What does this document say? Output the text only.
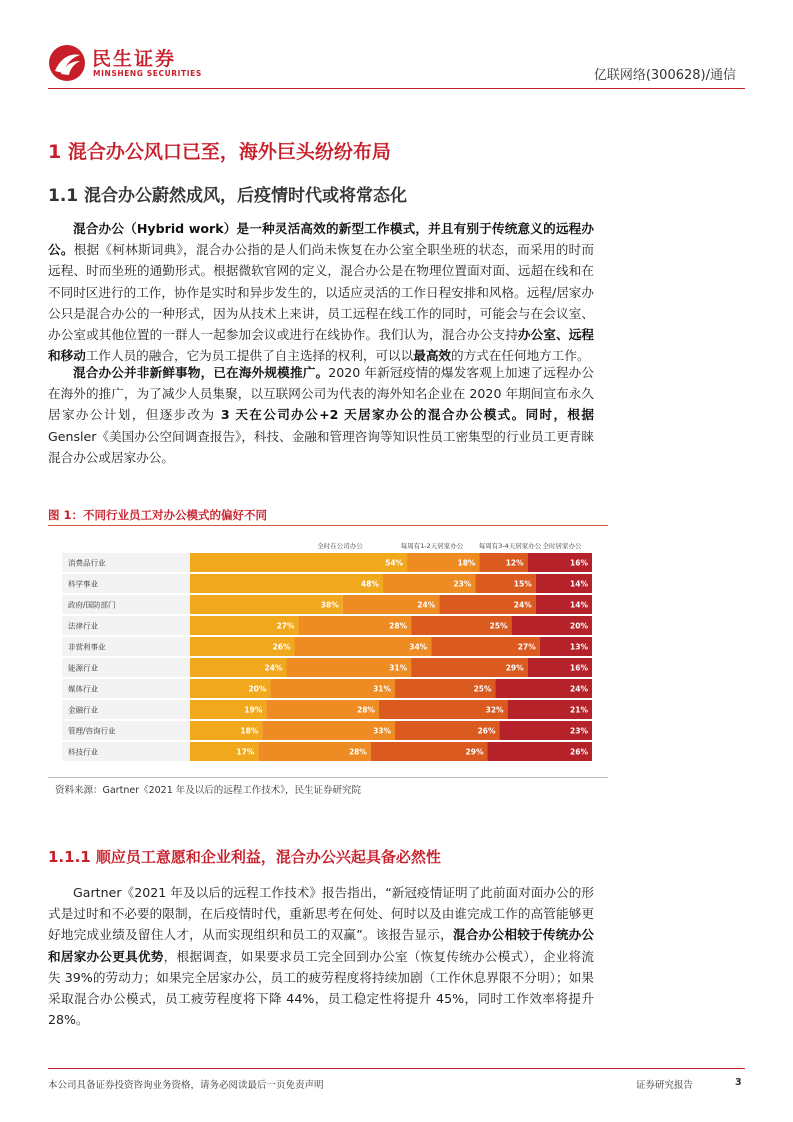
民生证券
MINSHENG SECURITIES	亿联网络(300628)/通信
1 混合办公风口已至，海外巨头纷纷布局
1.1 混合办公蔚然成风，后疫情时代或将常态化
混合办公（Hybrid work）是一种灵活高效的新型工作模式，并且有别于传统意义的远程办公。根据《柯林斯词典》，混合办公指的是人们尚未恢复在办公室全职坐班的状态，而采用的时而远程、时而坐班的通勤形式。根据微软官网的定义，混合办公是在物理位置面对面、远超在线和在不同时区进行的工作，协作是实时和异步发生的，以适应灵活的工作日程安排和风格。远程/居家办公只是混合办公的一种形式，因为从技术上来讲，员工远程在线工作的同时，可能会与在会议室、办公室或其他位置的一群人一起参加会议或进行在线协作。我们认为，混合办公支持办公室、远程和移动工作人员的融合，它为员工提供了自主选择的权利，可以以最高效的方式在任何地方工作。
混合办公并非新鲜事物，已在海外规模推广。2020 年新冠疫情的爆发客观上加速了远程办公在海外的推广，为了减少人员集聚，以互联网公司为代表的海外知名企业在 2020 年期间宣布永久居家办公计划，但逐步改为 3 天在公司办公+2 天居家办公的混合办公模式。同时，根据 Gensler《美国办公空间调查报告》，科技、金融和管理咨询等知识性员工密集型的行业员工更青睐混合办公或居家办公。
图 1：不同行业员工对办公模式的偏好不同
全时在公司办公	每周有1-2天居家办公 每周有3-4天居家办公 全时居家办公
消费品行业	54%	18%	12%	16%
科学事业	48%	23%	15%	14%
政府/国防部门	38%	24%	24%	14%
法律行业	27%	28%	25%	20%
非营利事业	26%	34%	27%	13%
能源行业	24%	31%	29%	16%
媒体行业	20%	31%	25%	24%
金融行业	19%	28%	32%	21%
管理/咨询行业	18%	33%	26%	23%
科技行业	17%	28%	29%	26%
资料来源：Gartner《2021 年及以后的远程工作技术》，民生证券研究院
1.1.1 顺应员工意愿和企业利益，混合办公兴起具备必然性
Gartner《2021 年及以后的远程工作技术》报告指出，“新冠疫情证明了此前面对面办公的形式是过时和不必要的限制，在后疫情时代，重新思考在何处、何时以及由谁完成工作的高管能够更好地完成业绩及留住人才，从而实现组织和员工的双赢”。该报告显示，混合办公相较于传统办公和居家办公更具优势，根据调查，如果要求员工完全回到办公室（恢复传统办公模式），企业将流失 39%的劳动力；如果完全居家办公，员工的疲劳程度将持续加剧（工作休息界限不分明）；如果采取混合办公模式，员工疲劳程度将下降 44%，员工稳定性将提升 45%，同时工作效率将提升 28%。
本公司具备证券投资咨询业务资格，请务必阅读最后一页免责声明	证券研究报告	3
